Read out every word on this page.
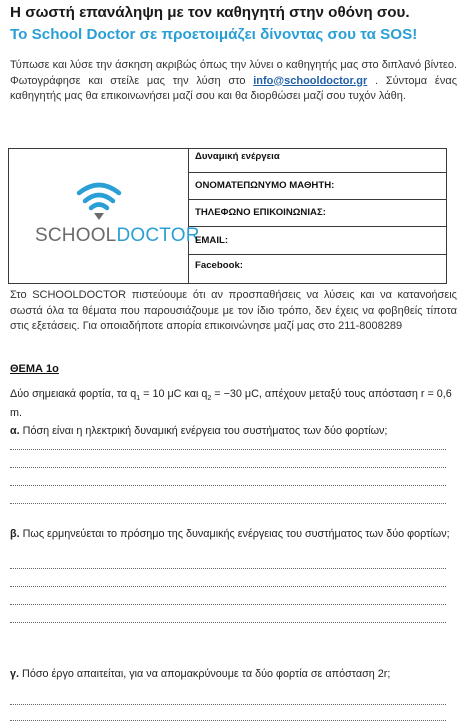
Η σωστή επανάληψη με τον καθηγητή στην οθόνη σου.
Το School Doctor σε προετοιμάζει δίνοντας σου τα SOS!
Τύπωσε και λύσε την άσκηση ακριβώς όπως την λύνει ο καθηγητής μας στο διπλανό βίντεο. Φωτογράφησε και στείλε μας την λύση στο info@schooldoctor.gr . Σύντομα ένας καθηγητής μας θα επικοινωνήσει μαζί σου και θα διορθώσει μαζί σου τυχόν λάθη.
SCHOOLDOCTOR
Δυναμική ενέργεια
ΟΝΟΜΑΤΕΠΩΝΥΜΟ ΜΑΘΗΤΗ:
ΤΗΛΕΦΩΝΟ ΕΠΙΚΟΙΝΩΝΙΑΣ:
EMAIL:
Facebook:
Στο SCHOOLDOCTOR πιστεύουμε ότι αν προσπαθήσεις να λύσεις και να κατανοήσεις σωστά όλα τα θέματα που παρουσιάζουμε με τον ίδιο τρόπο, δεν έχεις να φοβηθείς τίποτα στις εξετάσεις. Για οποιαδήποτε απορία επικοινώνησε μαζί μας στο 211-8008289
ΘΕΜΑ 1ο
Δύο σημειακά φορτία, τα $q_1 = 10$ μC και $q_2 = -30$ μC, απέχουν μεταξύ τους απόσταση r = 0,6 m.
α. Πόση είναι η ηλεκτρική δυναμική ενέργεια του συστήματος των δύο φορτίων;
β. Πως ερμηνεύεται το πρόσημο της δυναμικής ενέργειας του συστήματος των δύο φορτίων;
γ. Πόσο έργο απαιτείται, για να απομακρύνουμε τα δύο φορτία σε απόσταση 2r;
